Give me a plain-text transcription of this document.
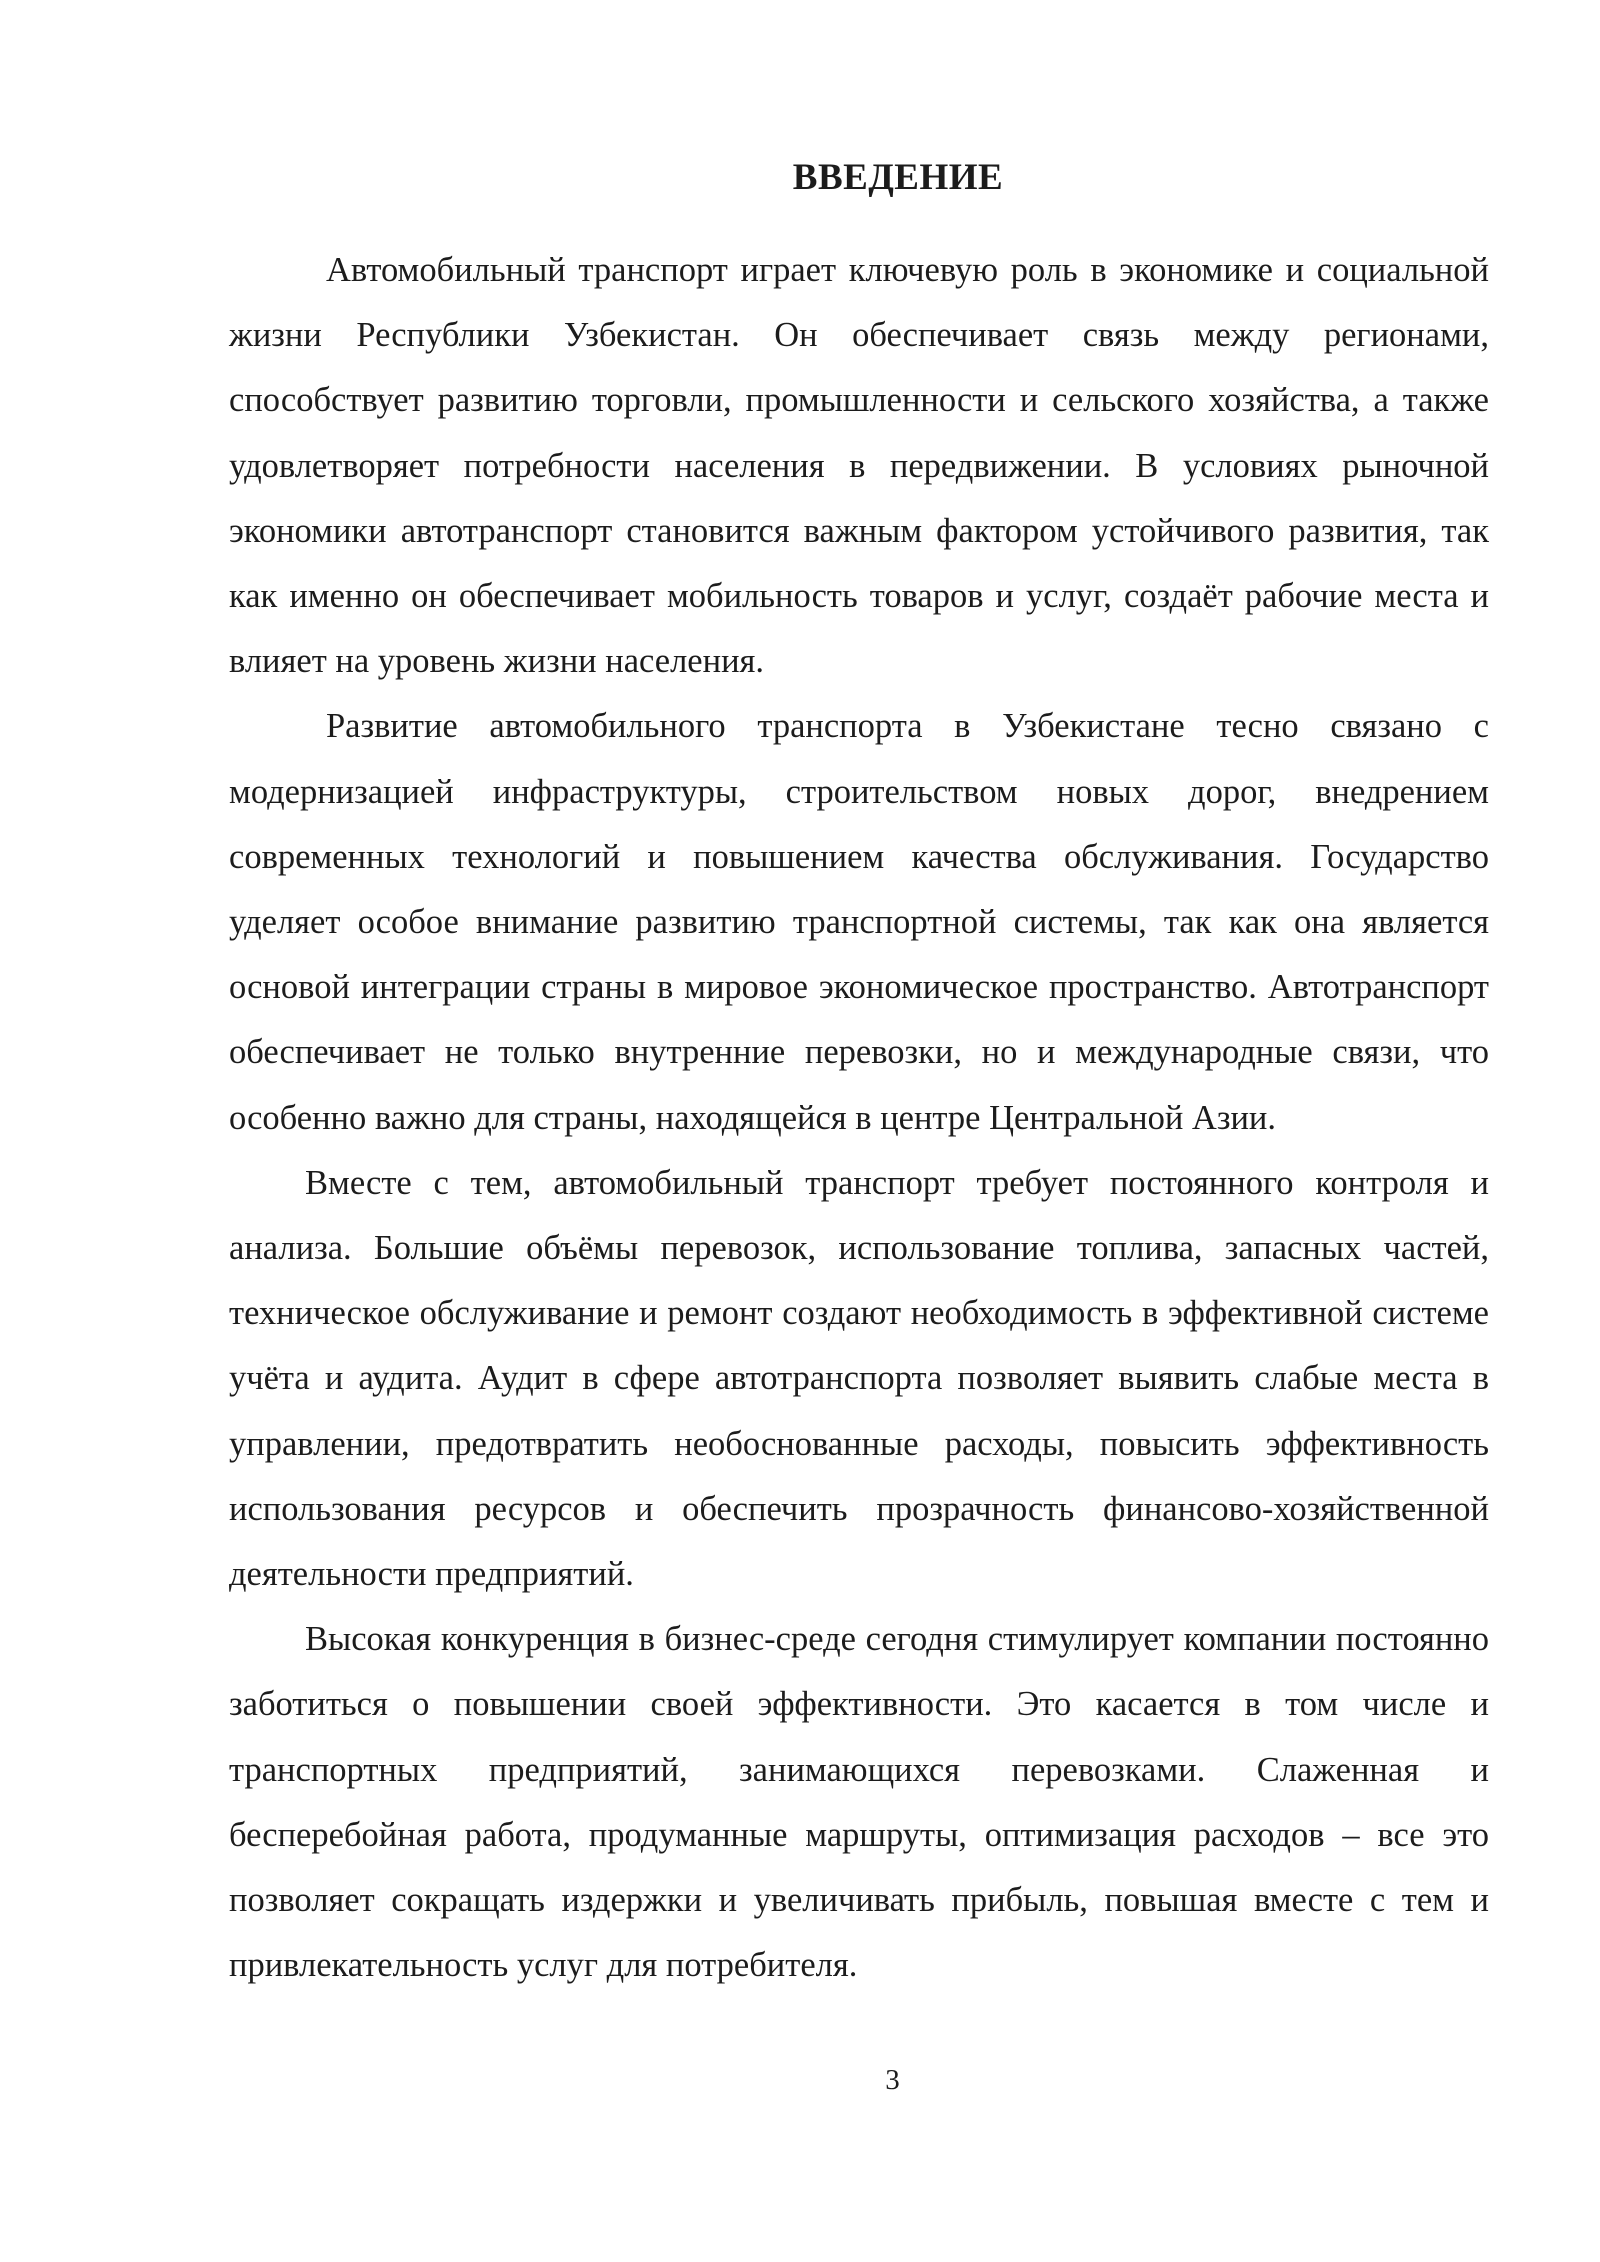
ВВЕДЕНИЕ

Автомобильный транспорт играет ключевую роль в экономике и социальной жизни Республики Узбекистан. Он обеспечивает связь между регионами, способствует развитию торговли, промышленности и сельского хозяйства, а также удовлетворяет потребности населения в передвижении. В условиях рыночной экономики автотранспорт становится важным фактором устойчивого развития, так как именно он обеспечивает мобильность товаров и услуг, создаёт рабочие места и влияет на уровень жизни населения.

Развитие автомобильного транспорта в Узбекистане тесно связано с модернизацией инфраструктуры, строительством новых дорог, внедрением современных технологий и повышением качества обслуживания. Государство уделяет особое внимание развитию транспортной системы, так как она является основой интеграции страны в мировое экономическое пространство. Автотранспорт обеспечивает не только внутренние перевозки, но и международные связи, что особенно важно для страны, находящейся в центре Центральной Азии.

Вместе с тем, автомобильный транспорт требует постоянного контроля и анализа. Большие объёмы перевозок, использование топлива, запасных частей, техническое обслуживание и ремонт создают необходимость в эффективной системе учёта и аудита. Аудит в сфере автотранспорта позволяет выявить слабые места в управлении, предотвратить необоснованные расходы, повысить эффективность использования ресурсов и обеспечить прозрачность финансово-хозяйственной деятельности предприятий.

Высокая конкуренция в бизнес-среде сегодня стимулирует компании постоянно заботиться о повышении своей эффективности. Это касается в том числе и транспортных предприятий, занимающихся перевозками. Слаженная и бесперебойная работа, продуманные маршруты, оптимизация расходов – все это позволяет сокращать издержки и увеличивать прибыль, повышая вместе с тем и привлекательность услуг для потребителя.

3
